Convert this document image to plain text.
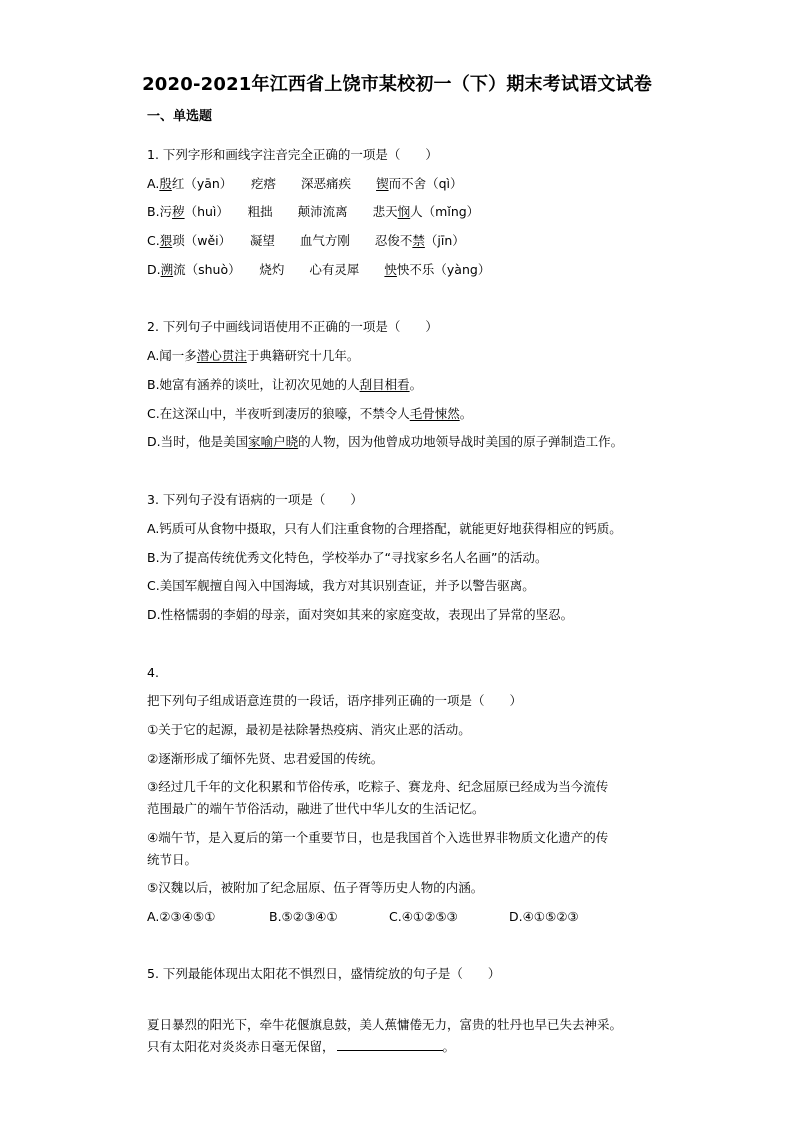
2020-2021年江西省上饶市某校初一（下）期末考试语文试卷
一、单选题
1. 下列字形和画线字注音完全正确的一项是（　　）
A.殷红（yān）　　疙瘩　　深恶痛疾　　锲而不舍（qì）
B.污秽（huì）　　粗拙　　颠沛流离　　悲天悯人（mǐng）
C.猥琐（wěi）　　凝望　　血气方刚　　忍俊不禁（jīn）
D.溯流（shuò）　　烧灼　　心有灵犀　　怏怏不乐（yàng）
2. 下列句子中画线词语使用不正确的一项是（　　）
A.闻一多潜心贯注于典籍研究十几年。
B.她富有涵养的谈吐，让初次见她的人刮目相看。
C.在这深山中，半夜听到凄厉的狼嚎，不禁令人毛骨悚然。
D.当时，他是美国家喻户晓的人物，因为他曾成功地领导战时美国的原子弹制造工作。
3. 下列句子没有语病的一项是（　　）
A.钙质可从食物中摄取，只有人们注重食物的合理搭配，就能更好地获得相应的钙质。
B.为了提高传统优秀文化特色，学校举办了“寻找家乡名人名画”的活动。
C.美国军舰擅自闯入中国海域，我方对其识别查证，并予以警告驱离。
D.性格懦弱的李娟的母亲，面对突如其来的家庭变故，表现出了异常的坚忍。
4.
把下列句子组成语意连贯的一段话，语序排列正确的一项是（　　）
①关于它的起源，最初是祛除暑热疫病、消灾止恶的活动。
②逐渐形成了缅怀先贤、忠君爱国的传统。
③经过几千年的文化积累和节俗传承，吃粽子、赛龙舟、纪念屈原已经成为当今流传
范围最广的端午节俗活动，融进了世代中华儿女的生活记忆。
④端午节，是入夏后的第一个重要节日，也是我国首个入选世界非物质文化遗产的传
统节日。
⑤汉魏以后，被附加了纪念屈原、伍子胥等历史人物的内涵。
A.②③④⑤①	B.⑤②③④①	C.④①②⑤③	D.④①⑤②③
5. 下列最能体现出太阳花不惧烈日，盛情绽放的句子是（　　）
夏日暴烈的阳光下，牵牛花偃旗息鼓，美人蕉慵倦无力，富贵的牡丹也早已失去神采。
只有太阳花对炎炎赤日毫无保留，	。
